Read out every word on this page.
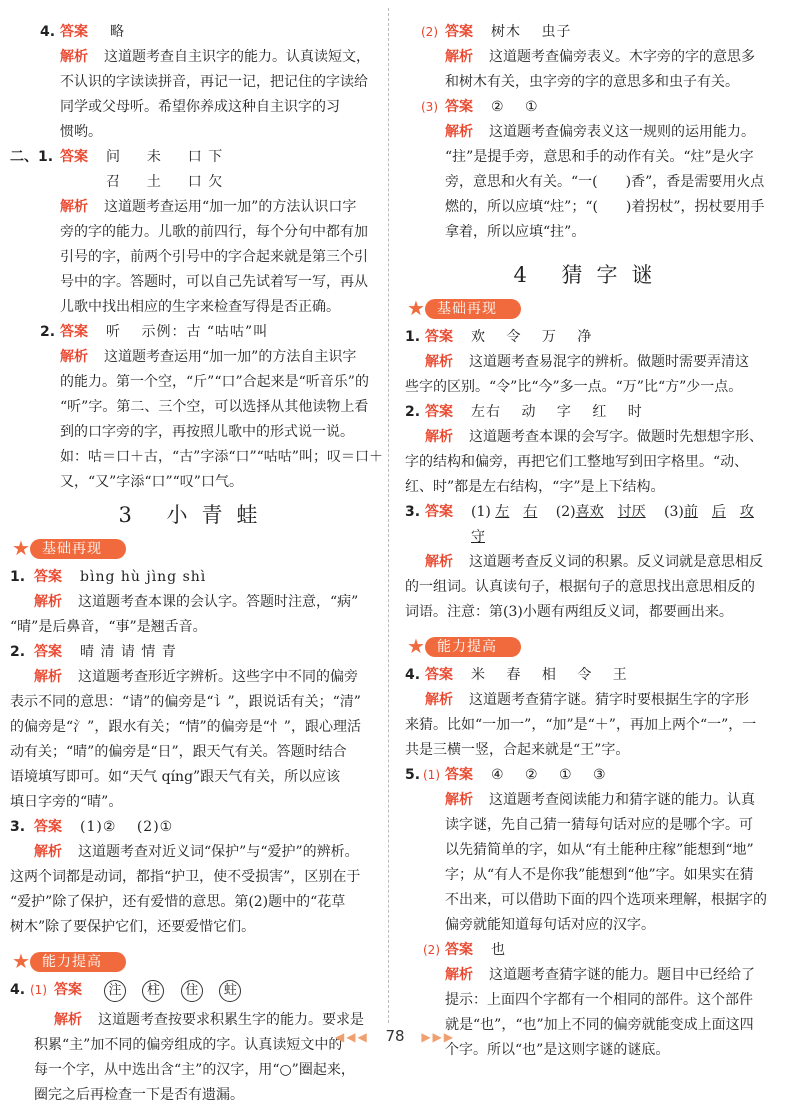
4. 答案 略
解析 这道题考查自主识字的能力。认真读短文，
不认识的字读读拼音，再记一记，把记住的字读给
同学或父母听。希望你养成这种自主识字的习
惯哟。
二、1. 答案 问 　 未 　 口 下
召 　 土 　 口 欠
解析 这道题考查运用“加一加”的方法认识口字
旁的字的能力。儿歌的前四行，每个分句中都有加
引号的字，前两个引号中的字合起来就是第三个引
号中的字。答题时，可以自己先试着写一写，再从
儿歌中找出相应的生字来检查写得是否正确。
2. 答案 听 　示例：古 “咕咕”叫
解析 这道题考查运用“加一加”的方法自主识字
的能力。第一个空，“斤”“口”合起来是“听音乐”的
“听”字。第二、三个空，可以选择从其他读物上看
到的口字旁的字，再按照儿歌中的形式说一说。
如：咕＝口＋古，“古”字添“口”“咕咕”叫；叹＝口＋
又，“又”字添“口”“叹”口气。
3 小青蛙
★ 基础再现
1. 答案 bìng hù jìng shì
解析 这道题考查本课的会认字。答题时注意，“病”
“晴”是后鼻音，“事”是翘舌音。
2. 答案 晴 清 请 情 青
解析 这道题考查形近字辨析。这些字中不同的偏旁
表示不同的意思：“请”的偏旁是“讠”，跟说话有关；“清”
的偏旁是“氵”，跟水有关；“情”的偏旁是“忄”，跟心理活
动有关；“晴”的偏旁是“日”，跟天气有关。答题时结合
语境填写即可。如“天气 qíng”跟天气有关，所以应该
填日字旁的“晴”。
3. 答案 (1)② 　(2)①
解析 这道题考查对近义词“保护”与“爱护”的辨析。
这两个词都是动词，都指“护卫，使不受损害”，区别在于
“爱护”除了保护，还有爱惜的意思。第(2)题中的“花草
树木”除了要保护它们，还要爱惜它们。
★ 能力提高
4. (1) 答案	注 柱 住 蛀
解析 这道题考查按要求积累生字的能力。要求是
积累“主”加不同的偏旁组成的字。认真读短文中的
每一个字，从中选出含“主”的汉字，用“○”圈起来，
圈完之后再检查一下是否有遗漏。
(2) 答案 树木 　虫子
解析 这道题考查偏旁表义。木字旁的字的意思多
和树木有关，虫字旁的字的意思多和虫子有关。
(3) 答案 ② 　①
解析 这道题考查偏旁表义这一规则的运用能力。
“拄”是提手旁，意思和手的动作有关。“炷”是火字
旁，意思和火有关。“一(　　)香”，香是需要用火点
燃的，所以应填“炷”；“(　　)着拐杖”，拐杖要用手
拿着，所以应填“拄”。
4 猜字谜
★ 基础再现
1. 答案 欢 　令 　万 　净
解析 这道题考查易混字的辨析。做题时需要弄清这
些字的区别。“令”比“今”多一点。“万”比“方”少一点。
2. 答案 左右 　动 　字 　红 　时
解析 这道题考查本课的会写字。做题时先想想字形、
字的结构和偏旁，再把它们工整地写到田字格里。“动、
红、时”都是左右结构，“字”是上下结构。
3. 答案 (1) 左　 右 　 (2)喜欢　 讨厌 　 (3)前　 后　 攻
守
解析 这道题考查反义词的积累。反义词就是意思相反
的一组词。认真读句子，根据句子的意思找出意思相反的
词语。注意：第(3)小题有两组反义词，都要画出来。
★ 能力提高
4. 答案 米 　春 　相 　令 　王
解析 这道题考查猜字谜。猜字时要根据生字的字形
来猜。比如“一加一”，“加”是“＋”，再加上两个“一”，一
共是三横一竖，合起来就是“王”字。
5. (1) 答案 ④ 　② 　① 　③
解析 这道题考查阅读能力和猜字谜的能力。认真
读字谜，先自己猜一猜每句话对应的是哪个字。可
以先猜简单的字，如从“有土能种庄稼”能想到“地”
字；从“有人不是你我”能想到“他”字。如果实在猜
不出来，可以借助下面的四个选项来理解，根据字的
偏旁就能知道每句话对应的汉字。
(2) 答案 也
解析 这道题考查猜字谜的能力。题目中已经给了
提示：上面四个字都有一个相同的部件。这个部件
就是“也”，“也”加上不同的偏旁就能变成上面这四
个字。所以“也”是这则字谜的谜底。
◀◀◀ 78 ▶▶▶
